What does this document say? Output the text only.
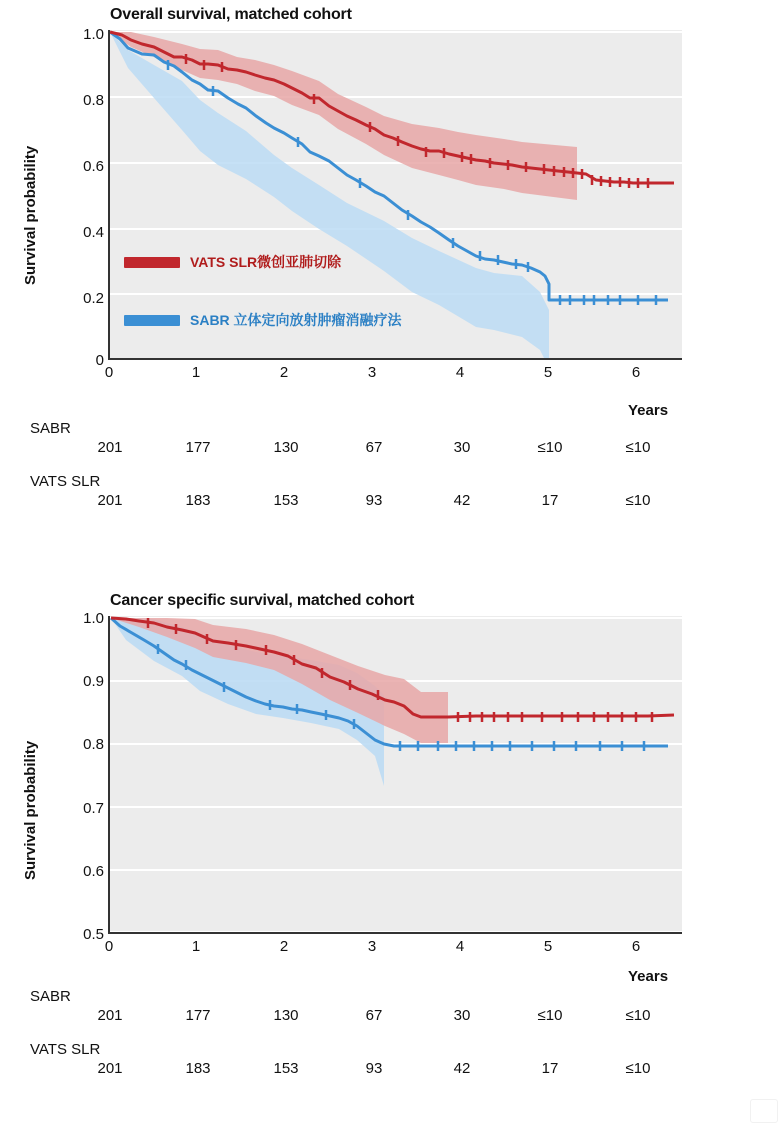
Overall survival, matched cohort
Survival probability
0
0.2
0.4
0.6
0.8
1.0
VATS SLR微创亚肺切除
SABR 立体定向放射肿瘤消融疗法
0	1	2	3	4	5	6
Years
SABR
201	177	130	67	30	≤10	≤10
VATS SLR
201	183	153	93	42	17	≤10
Cancer specific survival, matched cohort
Survival probability
0.5
0.6
0.7
0.8
0.9
1.0
0	1	2	3	4	5	6
Years
SABR
201	177	130	67	30	≤10	≤10
VATS SLR
201	183	153	93	42	17	≤10
